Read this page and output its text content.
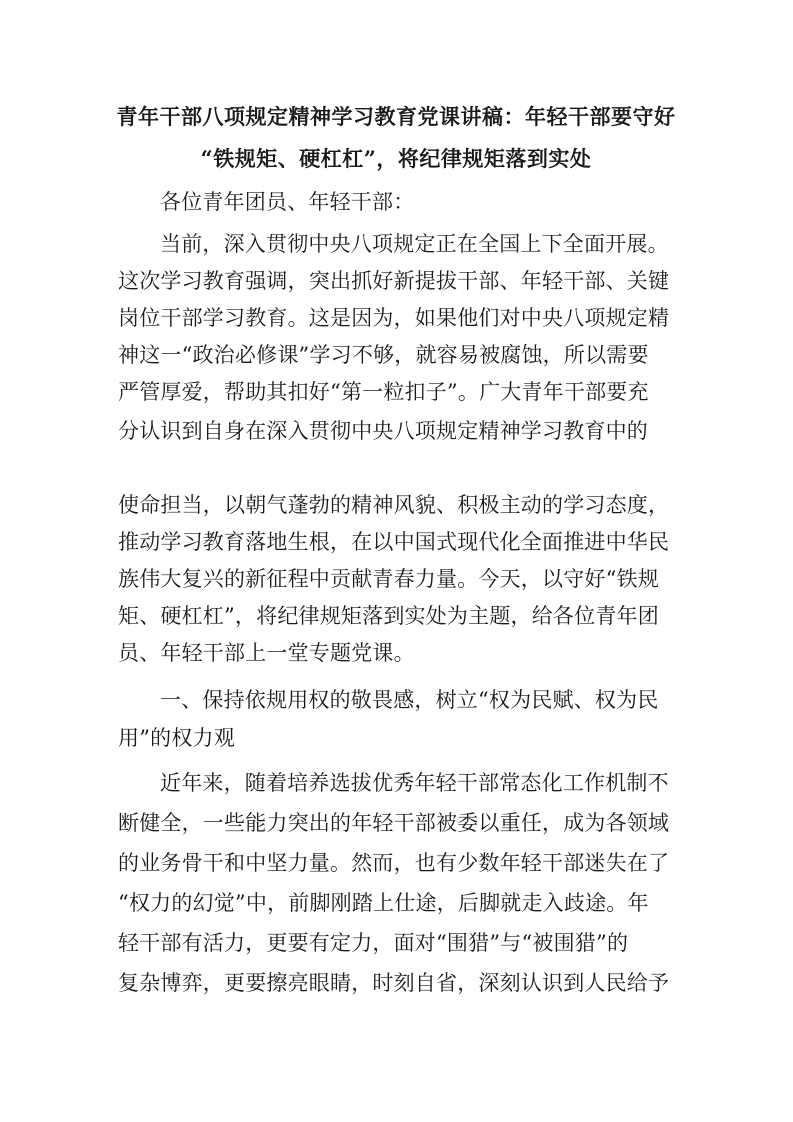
青年干部八项规定精神学习教育党课讲稿：年轻干部要守好
“铁规矩、硬杠杠”，将纪律规矩落到实处
各位青年团员、年轻干部：
当前，深入贯彻中央八项规定正在全国上下全面开展。
这次学习教育强调，突出抓好新提拔干部、年轻干部、关键
岗位干部学习教育。这是因为，如果他们对中央八项规定精
神这一“政治必修课”学习不够，就容易被腐蚀，所以需要
严管厚爱，帮助其扣好“第一粒扣子”。广大青年干部要充
分认识到自身在深入贯彻中央八项规定精神学习教育中的
使命担当，以朝气蓬勃的精神风貌、积极主动的学习态度，
推动学习教育落地生根，在以中国式现代化全面推进中华民
族伟大复兴的新征程中贡献青春力量。今天，以守好“铁规
矩、硬杠杠”，将纪律规矩落到实处为主题，给各位青年团
员、年轻干部上一堂专题党课。
一、保持依规用权的敬畏感，树立“权为民赋、权为民
用”的权力观
近年来，随着培养选拔优秀年轻干部常态化工作机制不
断健全，一些能力突出的年轻干部被委以重任，成为各领域
的业务骨干和中坚力量。然而，也有少数年轻干部迷失在了
“权力的幻觉”中，前脚刚踏上仕途，后脚就走入歧途。年
轻干部有活力，更要有定力，面对“围猎”与“被围猎”的
复杂博弈，更要擦亮眼睛，时刻自省，深刻认识到人民给予
